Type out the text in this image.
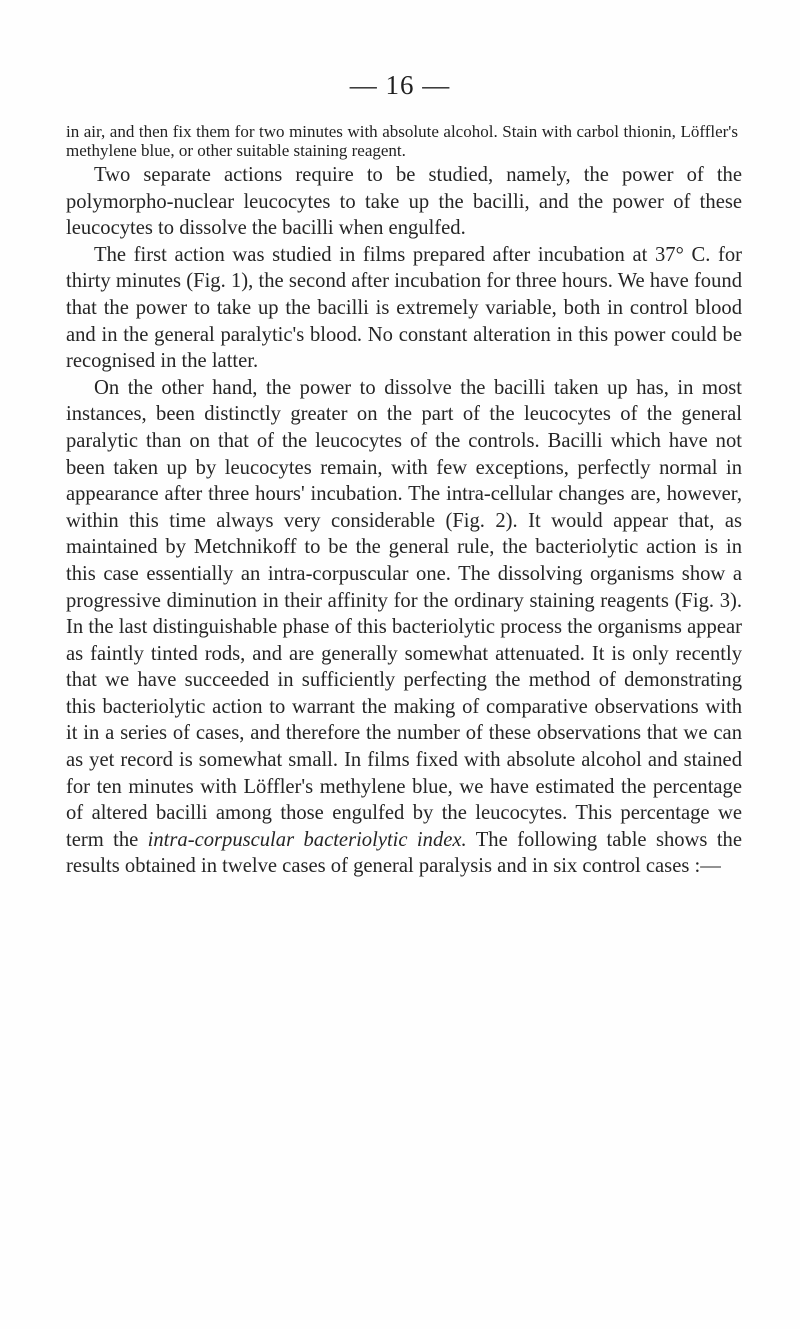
— 16 —

in air, and then fix them for two minutes with absolute alcohol. Stain with carbol thionin, Löffler's methylene blue, or other suitable staining reagent.

Two separate actions require to be studied, namely, the power of the polymorpho-nuclear leucocytes to take up the bacilli, and the power of these leucocytes to dissolve the bacilli when engulfed.

The first action was studied in films prepared after incubation at 37° C. for thirty minutes (Fig. 1), the second after incubation for three hours. We have found that the power to take up the bacilli is extremely variable, both in control blood and in the general paralytic's blood. No constant alteration in this power could be recognised in the latter.

On the other hand, the power to dissolve the bacilli taken up has, in most instances, been distinctly greater on the part of the leucocytes of the general paralytic than on that of the leucocytes of the controls. Bacilli which have not been taken up by leucocytes remain, with few exceptions, perfectly normal in appearance after three hours' incubation. The intra-cellular changes are, however, within this time always very considerable (Fig. 2). It would appear that, as maintained by Metchnikoff to be the general rule, the bacteriolytic action is in this case essentially an intra-corpuscular one. The dissolving organisms show a progressive diminution in their affinity for the ordinary staining reagents (Fig. 3). In the last distinguishable phase of this bacteriolytic process the organisms appear as faintly tinted rods, and are generally somewhat attenuated. It is only recently that we have succeeded in sufficiently perfecting the method of demonstrating this bacteriolytic action to warrant the making of comparative observations with it in a series of cases, and therefore the number of these observations that we can as yet record is somewhat small. In films fixed with absolute alcohol and stained for ten minutes with Löffler's methylene blue, we have estimated the percentage of altered bacilli among those engulfed by the leucocytes. This percentage we term the intra-corpuscular bacteriolytic index. The following table shows the results obtained in twelve cases of general paralysis and in six control cases :—
